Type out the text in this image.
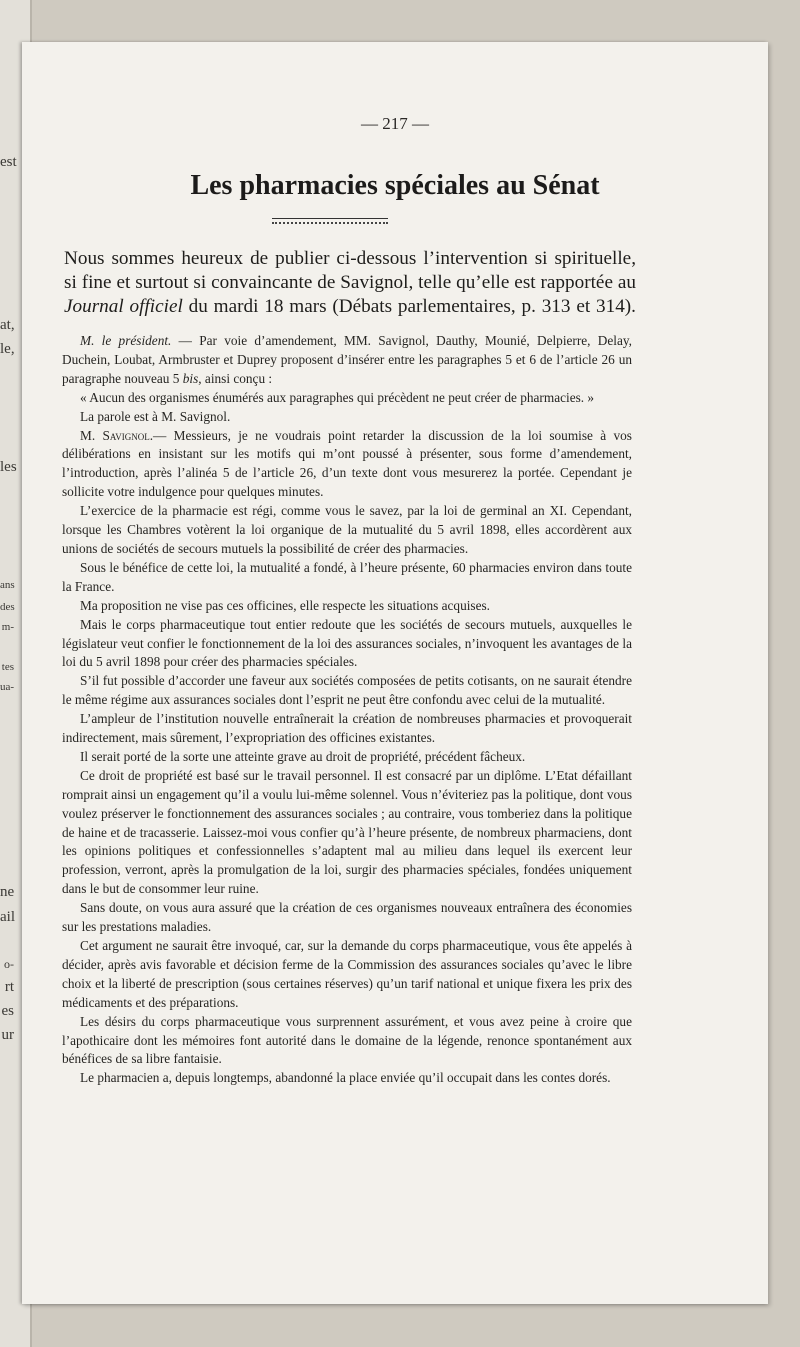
est
at,
le,
les
ans
des
m-
tes
ua-
ne
ail
o-
rt
es
ur
— 217 —
Les pharmacies spéciales au Sénat

Nous sommes heureux de publier ci-dessous l’intervention si spirituelle, si fine et surtout si convaincante de Savignol, telle qu’elle est rapportée au Journal officiel du mardi 18 mars (Débats parlementaires, p. 313 et 314).

M. le président. — Par voie d’amendement, MM. Savignol, Dauthy, Mounié, Delpierre, Delay, Duchein, Loubat, Armbruster et Duprey proposent d’insérer entre les paragraphes 5 et 6 de l’article 26 un paragraphe nouveau 5 bis, ainsi conçu :

« Aucun des organismes énumérés aux paragraphes qui précèdent ne peut créer de pharmacies. »

La parole est à M. Savignol.

M. Savignol.— Messieurs, je ne voudrais point retarder la discussion de la loi soumise à vos délibérations en insistant sur les motifs qui m’ont poussé à présenter, sous forme d’amendement, l’introduction, après l’alinéa 5 de l’article 26, d’un texte dont vous mesurerez la portée. Cependant je sollicite votre indulgence pour quelques minutes.

L’exercice de la pharmacie est régi, comme vous le savez, par la loi de germinal an XI. Cependant, lorsque les Chambres votèrent la loi organique de la mutualité du 5 avril 1898, elles accordèrent aux unions de sociétés de secours mutuels la possibilité de créer des pharmacies.

Sous le bénéfice de cette loi, la mutualité a fondé, à l’heure présente, 60 pharmacies environ dans toute la France.

Ma proposition ne vise pas ces officines, elle respecte les situations acquises.

Mais le corps pharmaceutique tout entier redoute que les sociétés de secours mutuels, auxquelles le législateur veut confier le fonctionnement de la loi des assurances sociales, n’invoquent les avantages de la loi du 5 avril 1898 pour créer des pharmacies spéciales.

S’il fut possible d’accorder une faveur aux sociétés composées de petits cotisants, on ne saurait étendre le même régime aux assurances sociales dont l’esprit ne peut être confondu avec celui de la mutualité.

L’ampleur de l’institution nouvelle entraînerait la création de nombreuses pharmacies et provoquerait indirectement, mais sûrement, l’expropriation des officines existantes.

Il serait porté de la sorte une atteinte grave au droit de propriété, précédent fâcheux.

Ce droit de propriété est basé sur le travail personnel. Il est consacré par un diplôme. L’Etat défaillant romprait ainsi un engagement qu’il a voulu lui-même solennel. Vous n’éviteriez pas la politique, dont vous voulez préserver le fonctionnement des assurances sociales ; au contraire, vous tomberiez dans la politique de haine et de tracasserie. Laissez-moi vous confier qu’à l’heure présente, de nombreux pharmaciens, dont les opinions politiques et confessionnelles s’adaptent mal au milieu dans lequel ils exercent leur profession, verront, après la promulgation de la loi, surgir des pharmacies spéciales, fondées uniquement dans le but de consommer leur ruine.

Sans doute, on vous aura assuré que la création de ces organismes nouveaux entraînera des économies sur les prestations maladies.

Cet argument ne saurait être invoqué, car, sur la demande du corps pharmaceutique, vous ête appelés à décider, après avis favorable et décision ferme de la Commission des assurances sociales qu’avec le libre choix et la liberté de prescription (sous certaines réserves) qu’un tarif national et unique fixera les prix des médicaments et des préparations.

Les désirs du corps pharmaceutique vous surprennent assurément, et vous avez peine à croire que l’apothicaire dont les mémoires font autorité dans le domaine de la légende, renonce spontanément aux bénéfices de sa libre fantaisie.

Le pharmacien a, depuis longtemps, abandonné la place enviée qu’il occupait dans les contes dorés.
